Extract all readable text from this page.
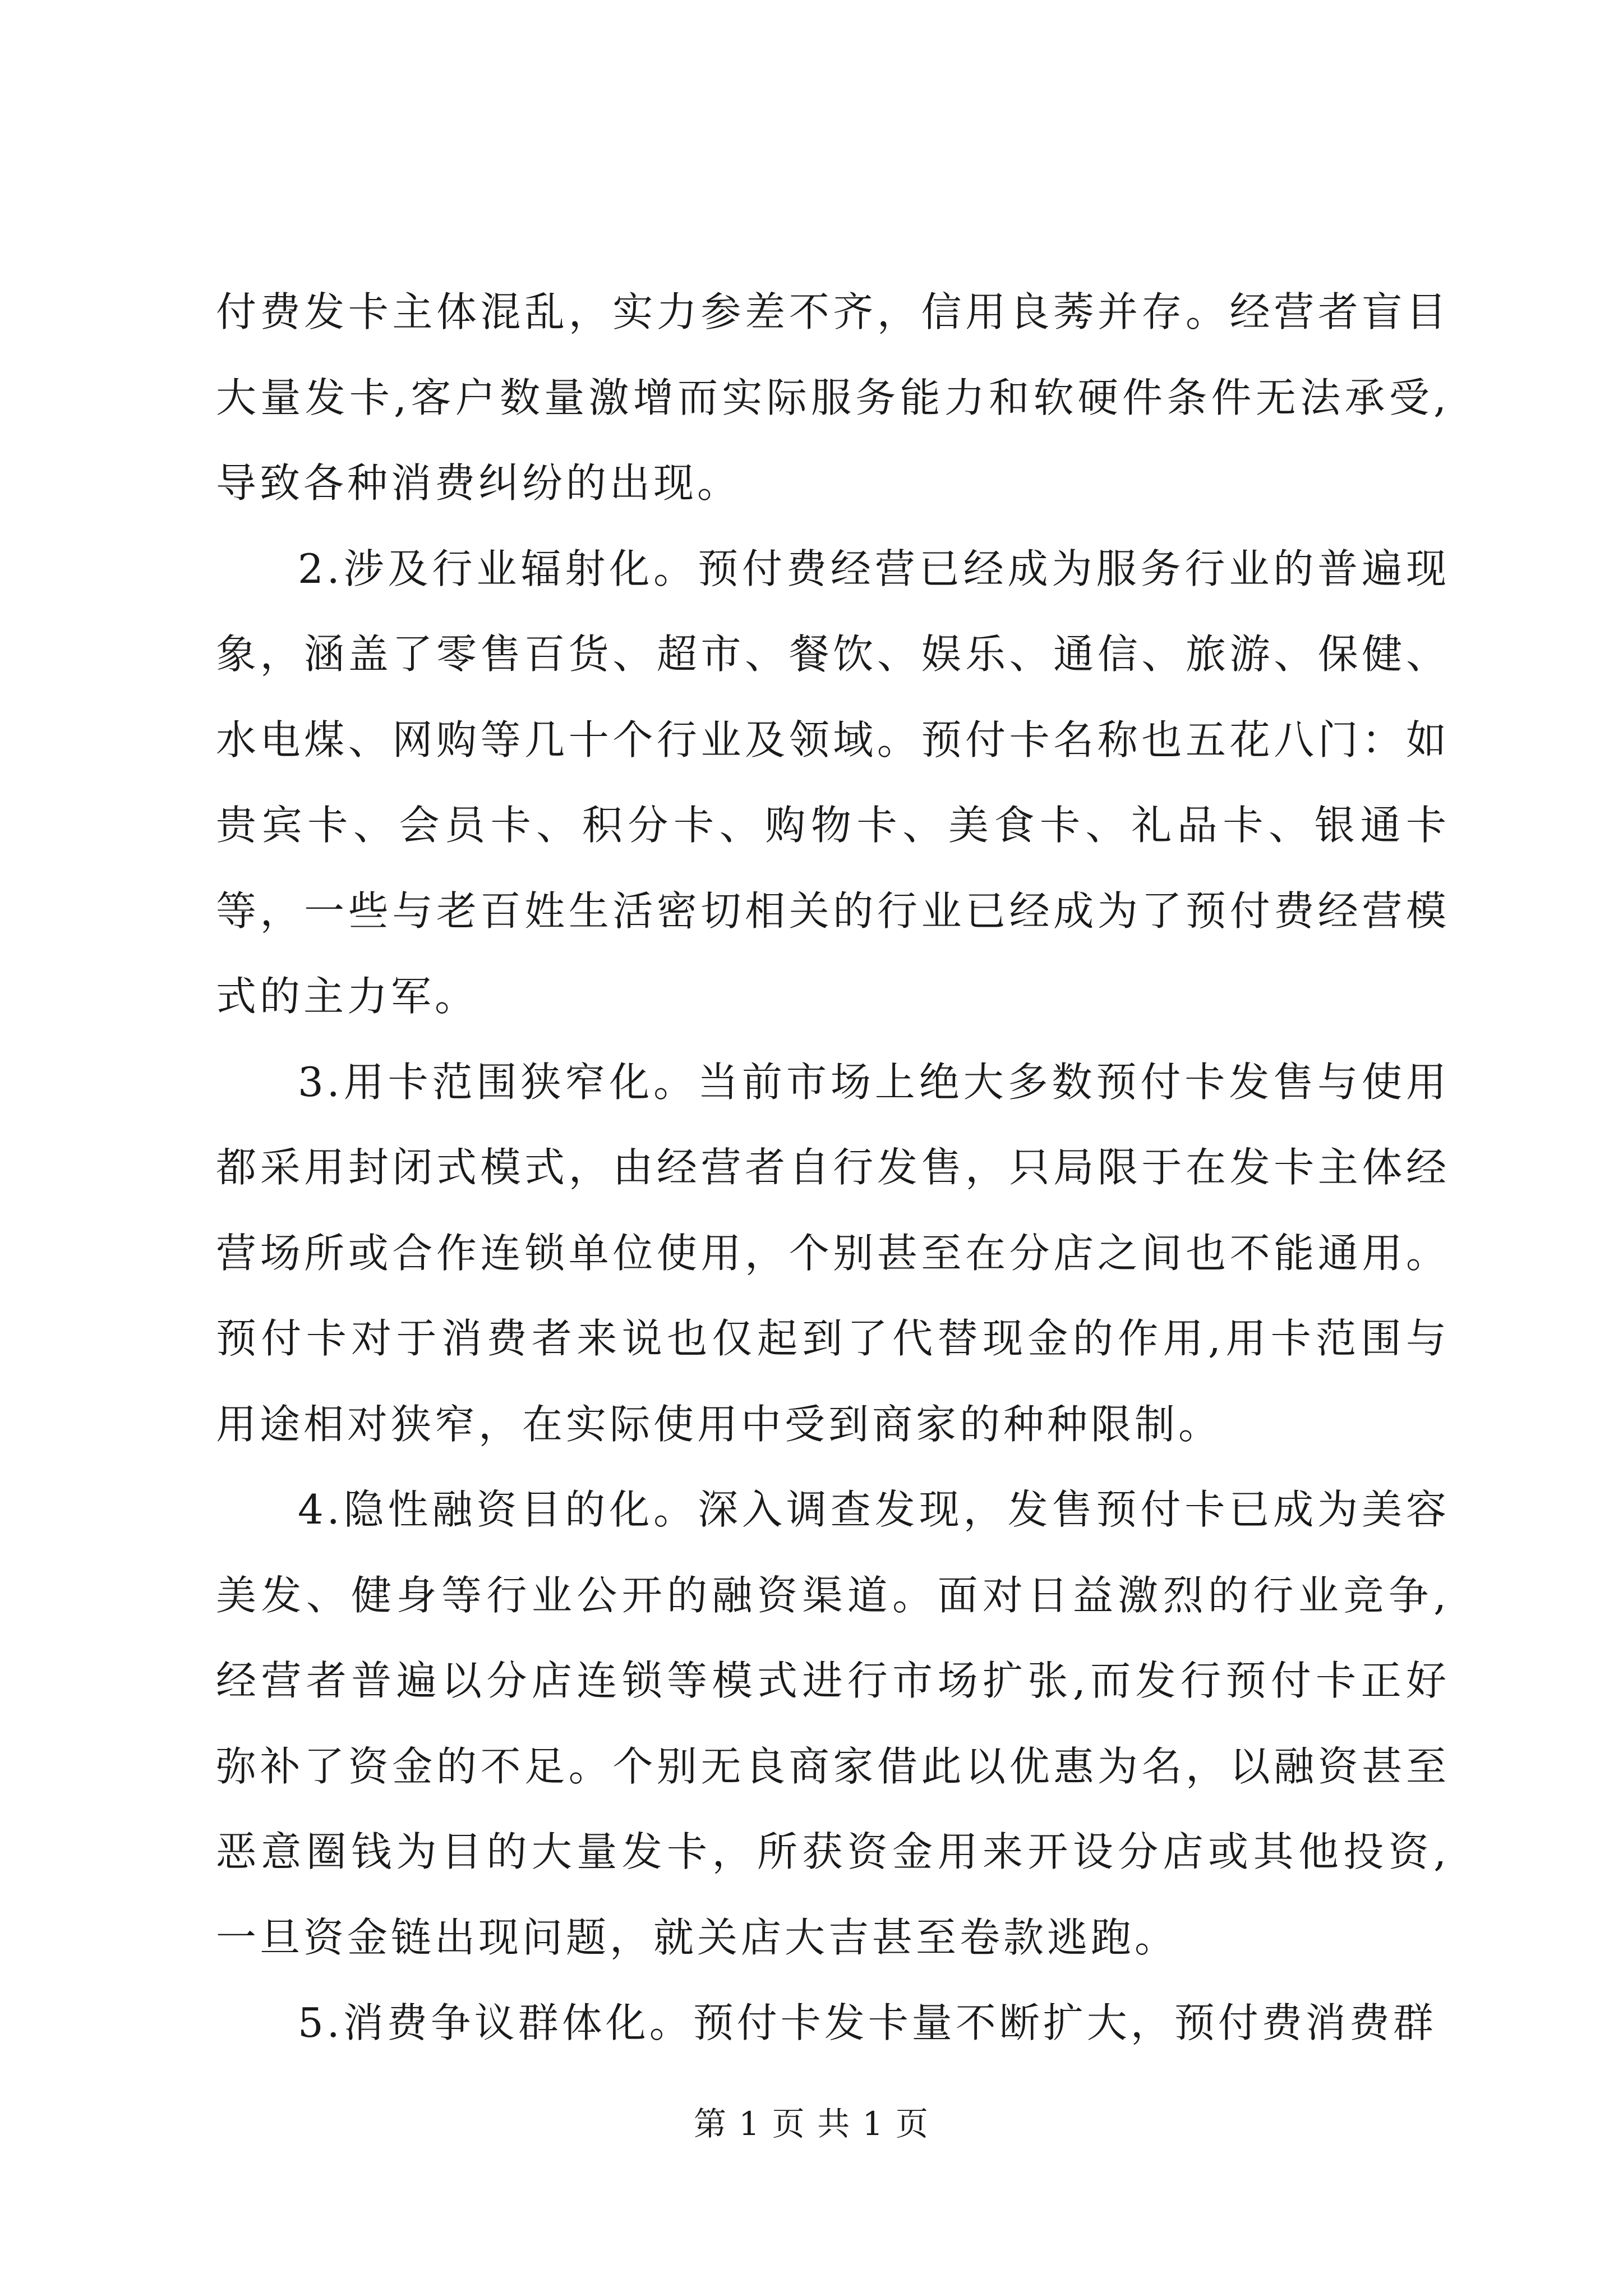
付费发卡主体混乱，实力参差不齐，信用良莠并存。经营者盲目大量发卡,客户数量激增而实际服务能力和软硬件条件无法承受,导致各种消费纠纷的出现。

2.涉及行业辐射化。预付费经营已经成为服务行业的普遍现象，涵盖了零售百货、超市、餐饮、娱乐、通信、旅游、保健、水电煤、网购等几十个行业及领域。预付卡名称也五花八门：如贵宾卡、会员卡、积分卡、购物卡、美食卡、礼品卡、银通卡等，一些与老百姓生活密切相关的行业已经成为了预付费经营模式的主力军。

3.用卡范围狭窄化。当前市场上绝大多数预付卡发售与使用都采用封闭式模式，由经营者自行发售，只局限于在发卡主体经营场所或合作连锁单位使用，个别甚至在分店之间也不能通用。预付卡对于消费者来说也仅起到了代替现金的作用,用卡范围与用途相对狭窄，在实际使用中受到商家的种种限制。

4.隐性融资目的化。深入调查发现，发售预付卡已成为美容美发、健身等行业公开的融资渠道。面对日益激烈的行业竞争,经营者普遍以分店连锁等模式进行市场扩张,而发行预付卡正好弥补了资金的不足。个别无良商家借此以优惠为名，以融资甚至恶意圈钱为目的大量发卡，所获资金用来开设分店或其他投资,一旦资金链出现问题，就关店大吉甚至卷款逃跑。

5.消费争议群体化。预付卡发卡量不断扩大，预付费消费群

第 1 页 共 1 页
